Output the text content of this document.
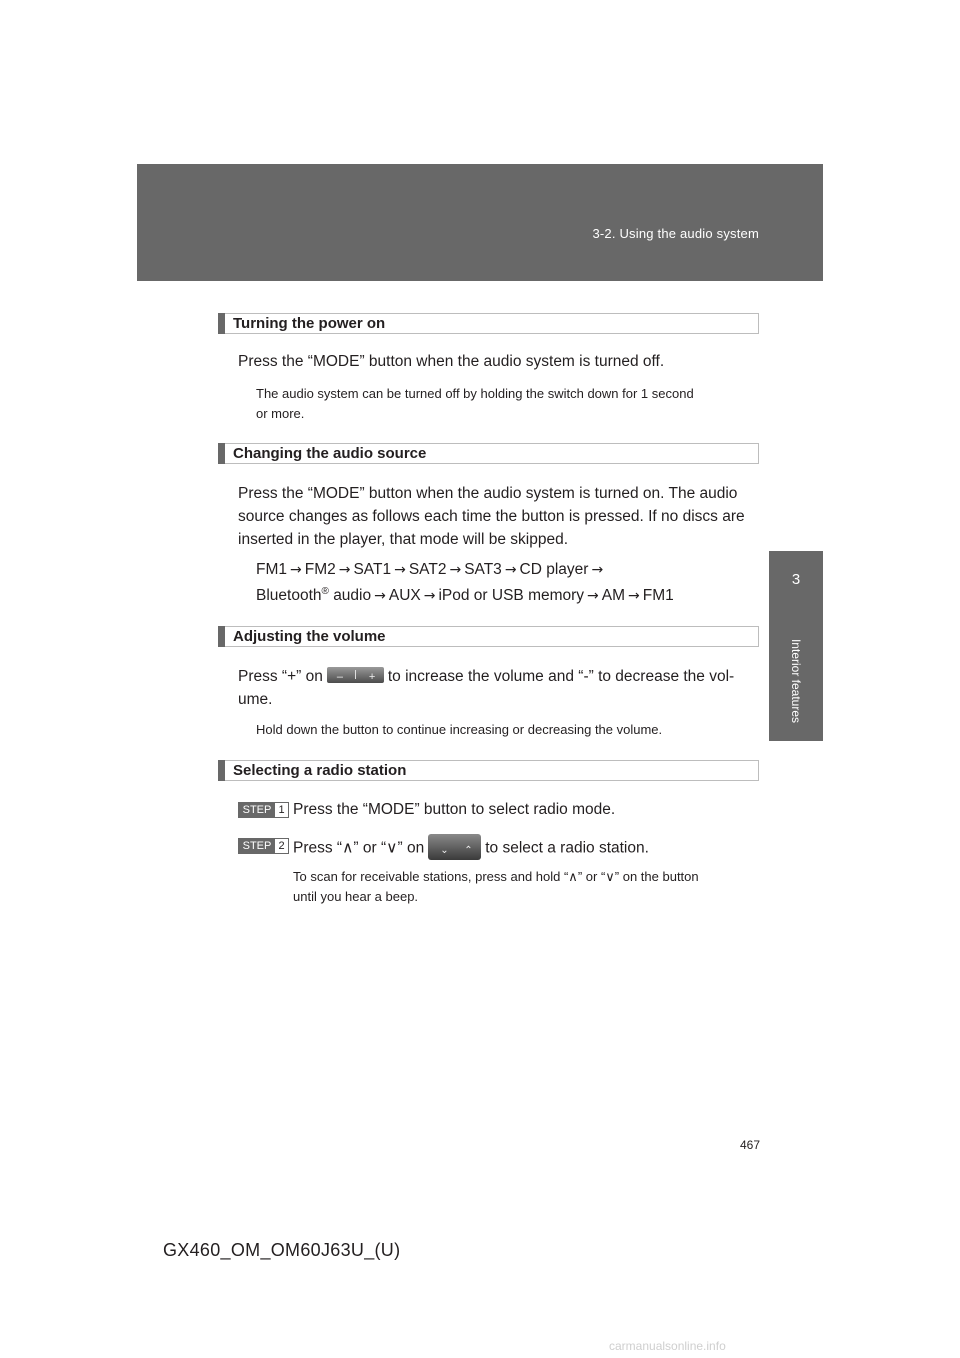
3-2. Using the audio system
3
Interior features
Turning the power on
Press the “MODE” button when the audio system is turned off.
The audio system can be turned off by holding the switch down for 1 second
or more.
Changing the audio source
Press the “MODE” button when the audio system is turned on. The audio
source changes as follows each time the button is pressed. If no discs are
inserted in the player, that mode will be skipped.
FM1 → FM2 → SAT1 → SAT2 → SAT3 → CD player →
Bluetooth® audio → AUX → iPod or USB memory → AM → FM1
Adjusting the volume
Press “+” on – + to increase the volume and “-” to decrease the vol-
ume.
Hold down the button to continue increasing or decreasing the volume.
Selecting a radio station
STEP 1 Press the “MODE” button to select radio mode.
STEP 2 Press “∧” or “∨” on ⌄ ⌃ to select a radio station.
To scan for receivable stations, press and hold “∧” or “∨” on the button
until you hear a beep.
467
GX460_OM_OM60J63U_(U)
carmanualsonline.info
